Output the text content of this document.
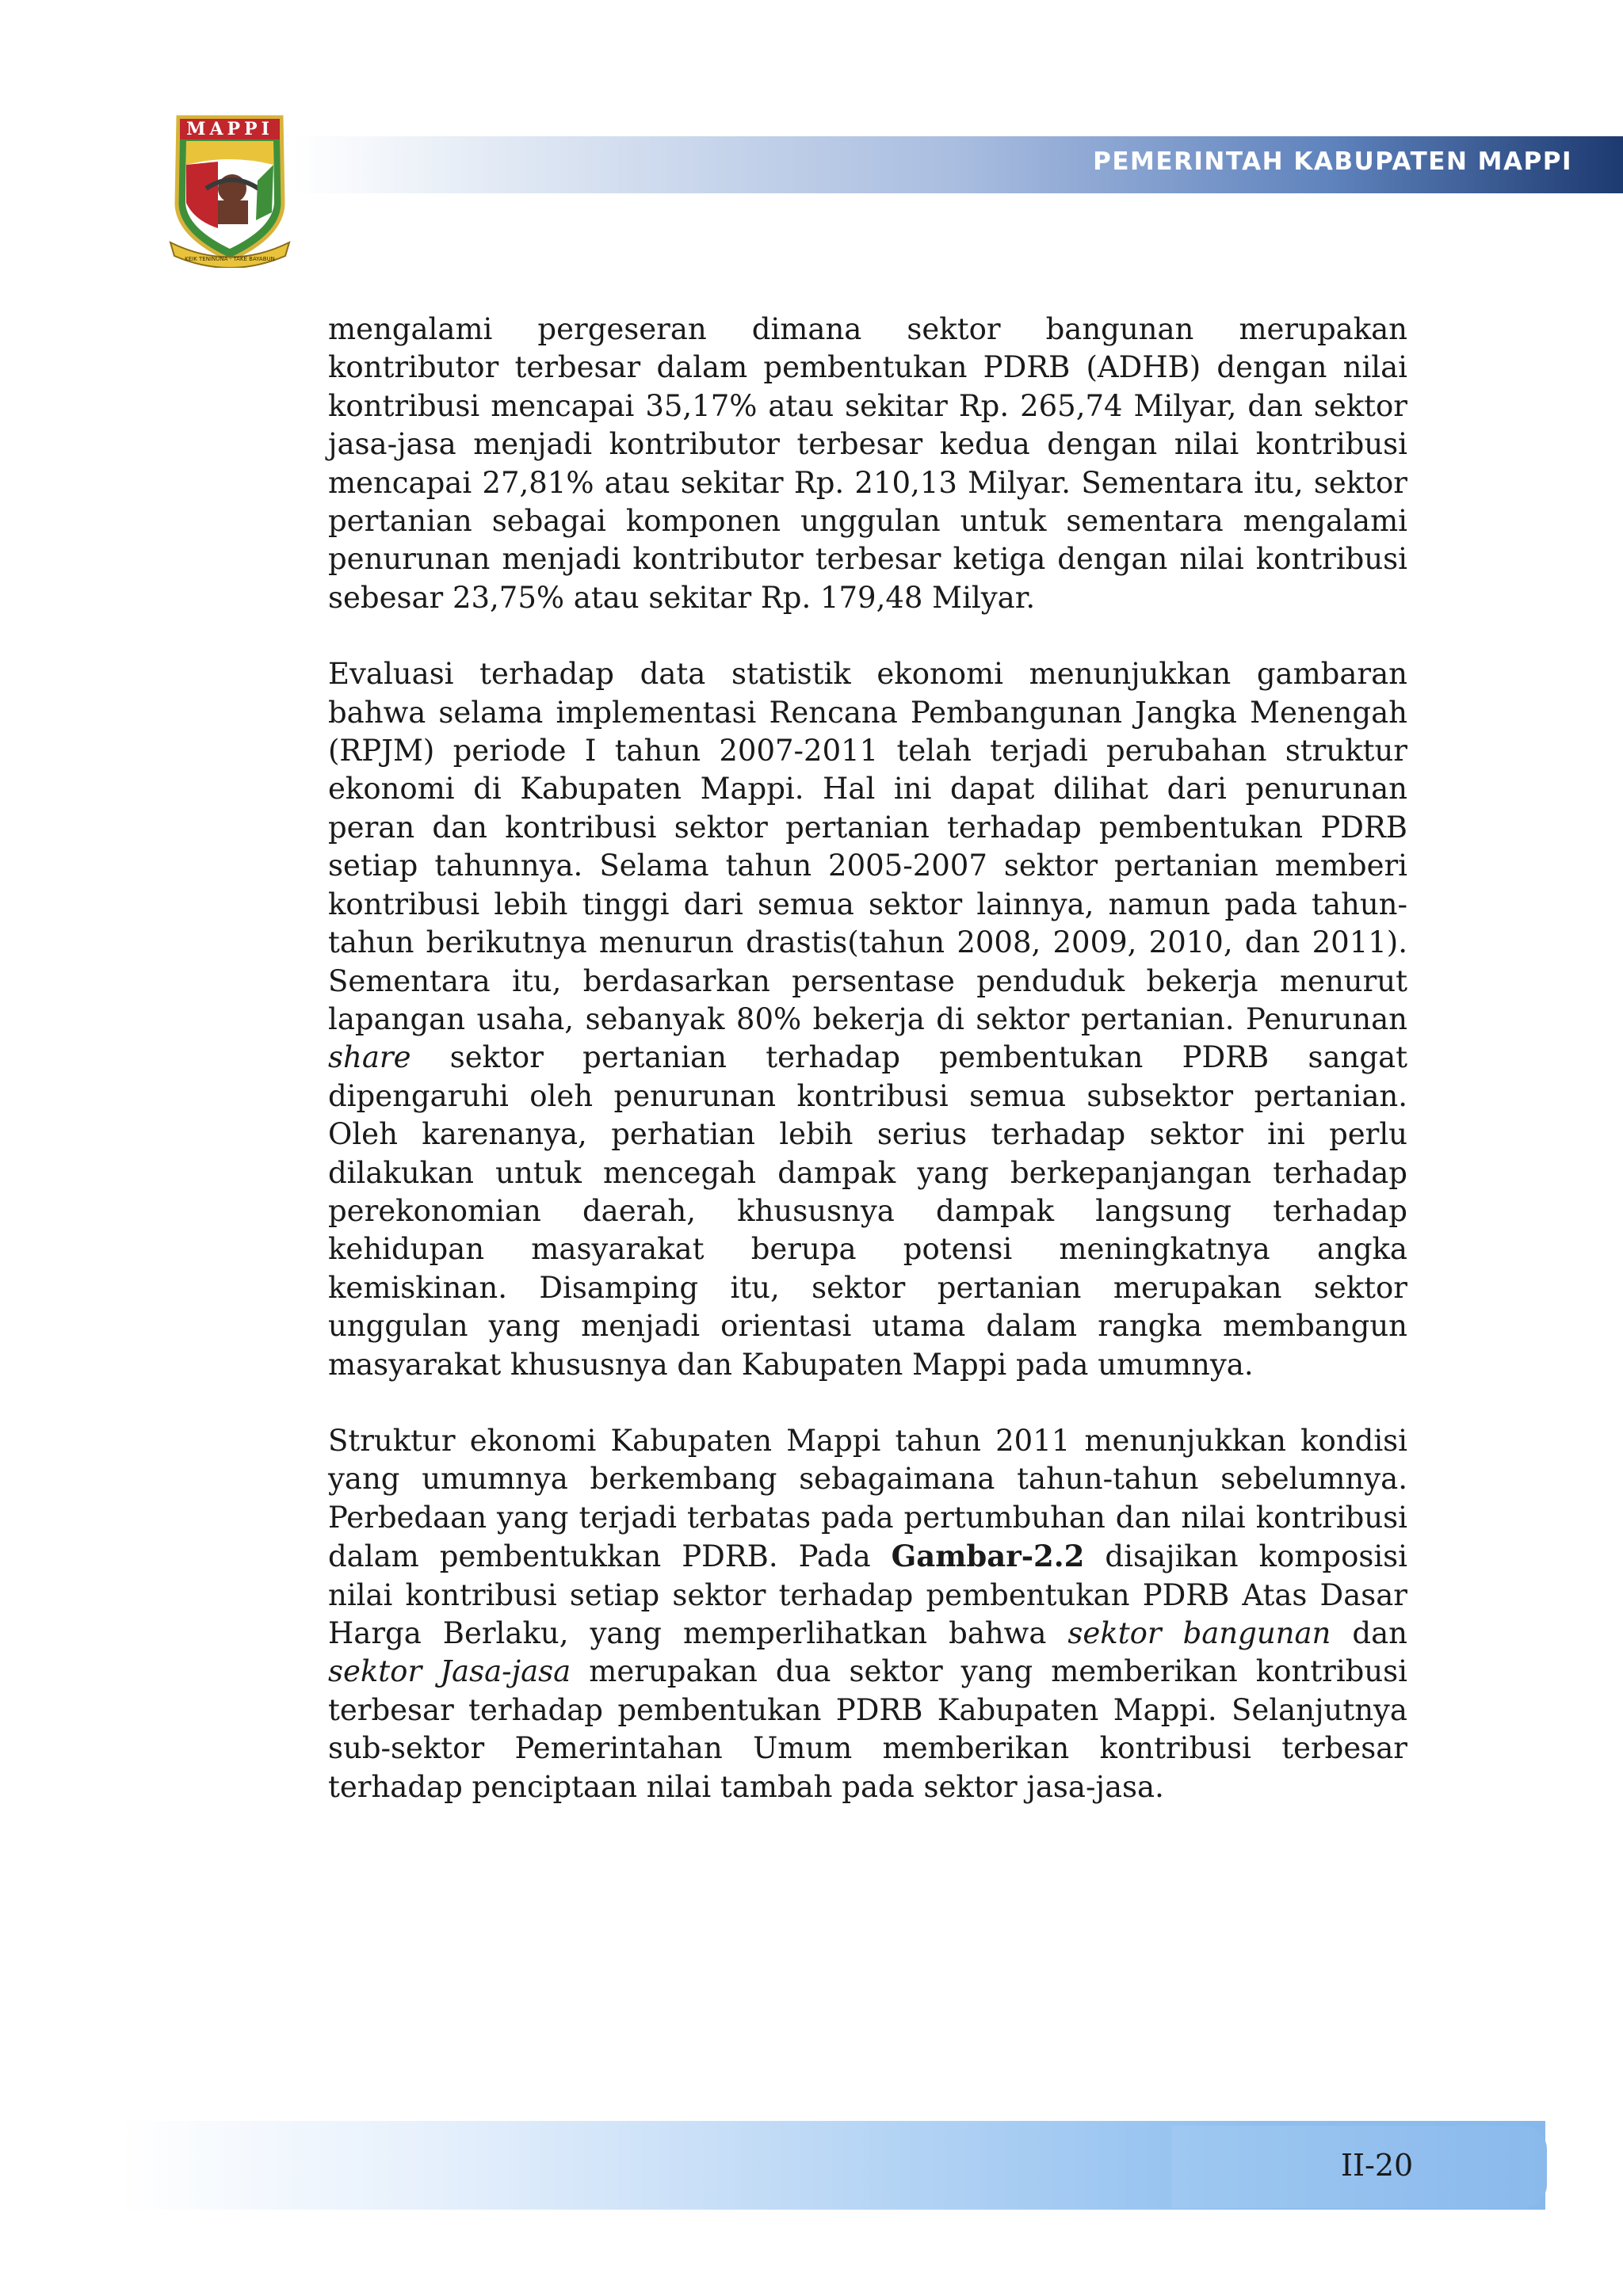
PEMERINTAH KABUPATEN MAPPI
MAPPI
KEIK TENINUNA - TAKE BAYABUN

mengalami pergeseran dimana sektor bangunan merupakan kontributor terbesar dalam pembentukan PDRB (ADHB) dengan nilai kontribusi mencapai 35,17% atau sekitar Rp. 265,74 Milyar, dan sektor jasa-jasa menjadi kontributor terbesar kedua dengan nilai kontribusi mencapai 27,81% atau sekitar Rp. 210,13 Milyar. Sementara itu, sektor pertanian sebagai komponen unggulan untuk sementara mengalami penurunan menjadi kontributor terbesar ketiga dengan nilai kontribusi sebesar 23,75% atau sekitar Rp. 179,48 Milyar.

Evaluasi terhadap data statistik ekonomi menunjukkan gambaran bahwa selama implementasi Rencana Pembangunan Jangka Menengah (RPJM) periode I tahun 2007-2011 telah terjadi perubahan struktur ekonomi di Kabupaten Mappi. Hal ini dapat dilihat dari penurunan peran dan kontribusi sektor pertanian terhadap pembentukan PDRB setiap tahunnya. Selama tahun 2005-2007 sektor pertanian memberi kontribusi lebih tinggi dari semua sektor lainnya, namun pada tahun-tahun berikutnya menurun drastis(tahun 2008, 2009, 2010, dan 2011). Sementara itu, berdasarkan persentase penduduk bekerja menurut lapangan usaha, sebanyak 80% bekerja di sektor pertanian. Penurunan share sektor pertanian terhadap pembentukan PDRB sangat dipengaruhi oleh penurunan kontribusi semua subsektor pertanian. Oleh karenanya, perhatian lebih serius terhadap sektor ini perlu dilakukan untuk mencegah dampak yang berkepanjangan terhadap perekonomian daerah, khususnya dampak langsung terhadap kehidupan masyarakat berupa potensi meningkatnya angka kemiskinan. Disamping itu, sektor pertanian merupakan sektor unggulan yang menjadi orientasi utama dalam rangka membangun masyarakat khususnya dan Kabupaten Mappi pada umumnya.

Struktur ekonomi Kabupaten Mappi tahun 2011 menunjukkan kondisi yang umumnya berkembang sebagaimana tahun-tahun sebelumnya. Perbedaan yang terjadi terbatas pada pertumbuhan dan nilai kontribusi dalam pembentukkan PDRB. Pada Gambar-2.2 disajikan komposisi nilai kontribusi setiap sektor terhadap pembentukan PDRB Atas Dasar Harga Berlaku, yang memperlihatkan bahwa sektor bangunan dan sektor Jasa-jasa merupakan dua sektor yang memberikan kontribusi terbesar terhadap pembentukan PDRB Kabupaten Mappi. Selanjutnya sub-sektor Pemerintahan Umum memberikan kontribusi terbesar terhadap penciptaan nilai tambah pada sektor jasa-jasa.

II-20
